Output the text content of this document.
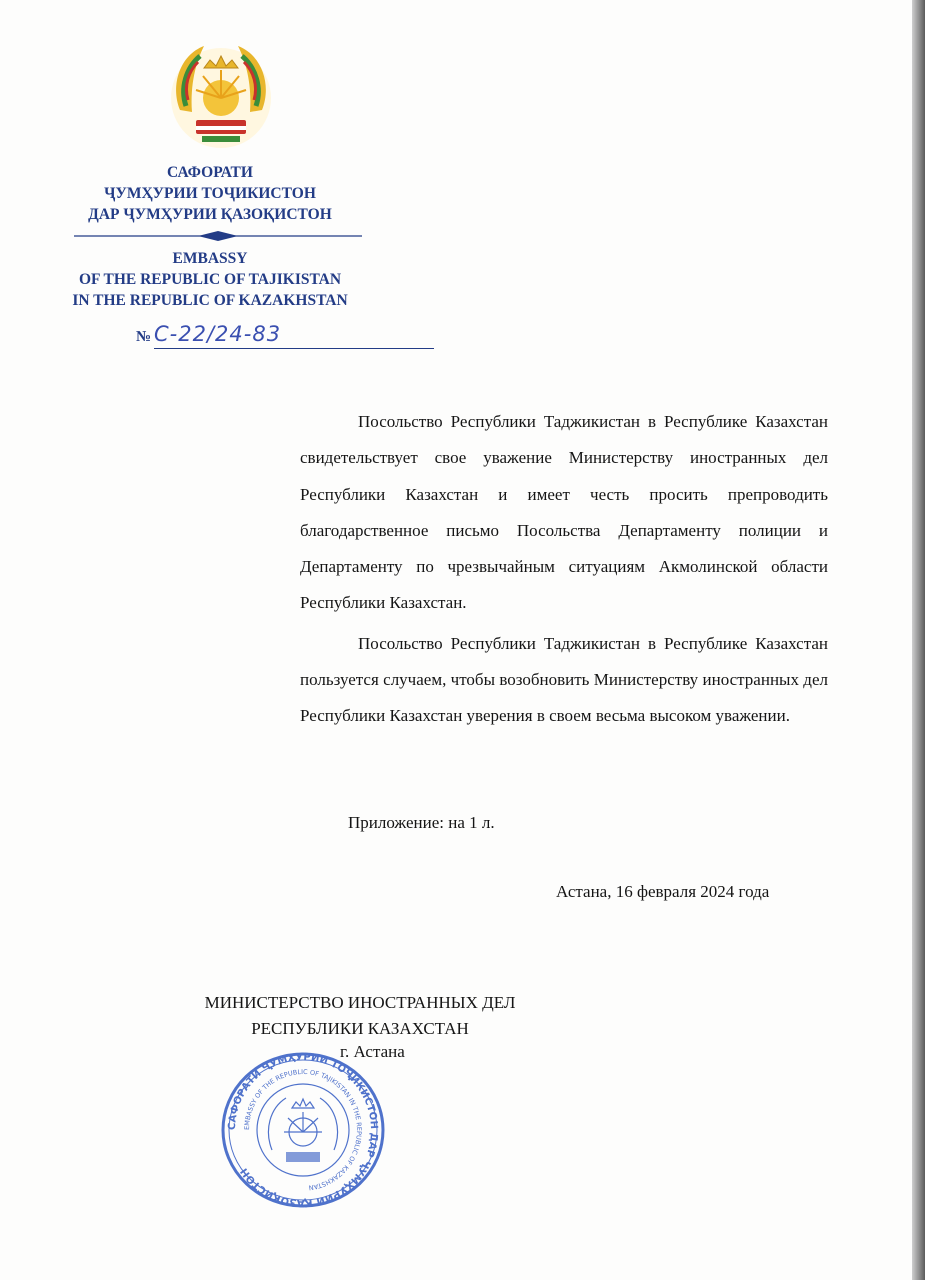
САФОРАТИ
ҶУМҲУРИИ ТОҶИКИСТОН
ДАР ҶУМҲУРИИ ҚАЗОҚИСТОН
EMBASSY
OF THE REPUBLIC OF TAJIKISTAN
IN THE REPUBLIC OF KAZAKHSTAN
№ С-22/24-83

Посольство Республики Таджикистан в Республике Казахстан свидетельствует свое уважение Министерству иностранных дел Республики Казахстан и имеет честь просить препроводить благодарственное письмо Посольства Департаменту полиции и Департаменту по чрезвычайным ситуациям Акмолинской области Республики Казахстан.

Посольство Республики Таджикистан в Республике Казахстан пользуется случаем, чтобы возобновить Министерству иностранных дел Республики Казахстан уверения в своем весьма высоком уважении.

Приложение: на 1 л.
Астана, 16 февраля 2024 года
МИНИСТЕРСТВО ИНОСТРАННЫХ ДЕЛ
РЕСПУБЛИКИ КАЗАХСТАН
г. Астана
САФОРАТИ ҶУМҲУРИИ ТОҶИКИСТОН ДАР ҶУМҲУРИИ ҚАЗОҚИСТОН
EMBASSY OF THE REPUBLIC OF TAJIKISTAN IN THE REPUBLIC OF KAZAKHSTAN
